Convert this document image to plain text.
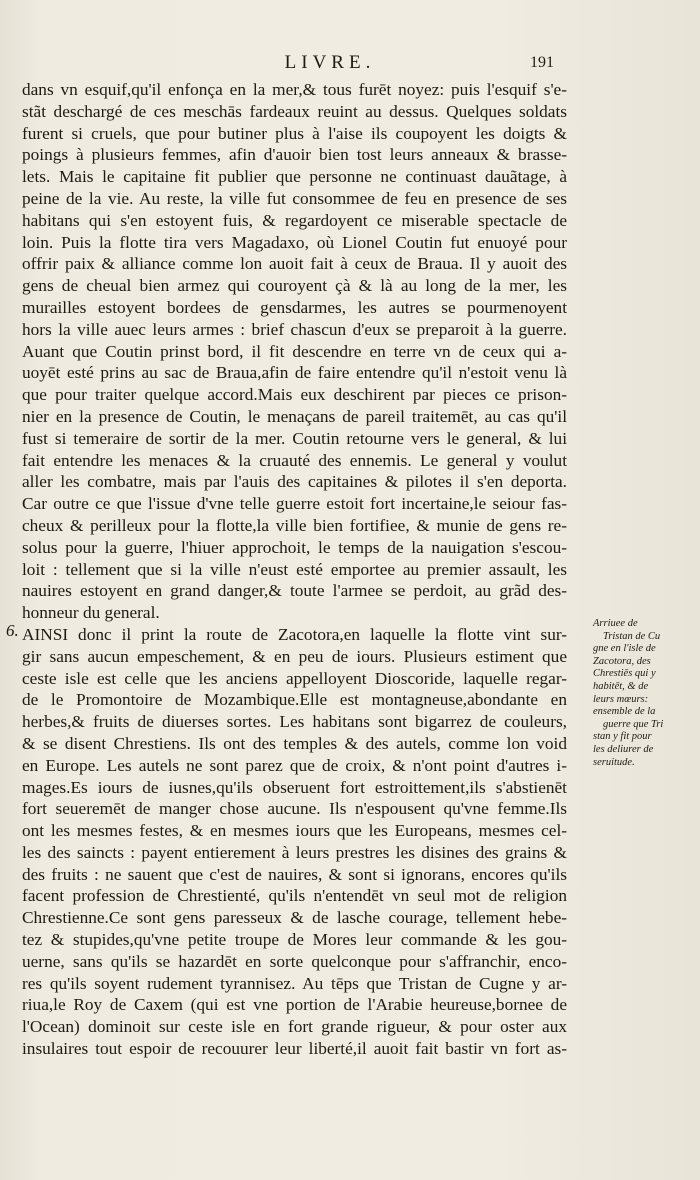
LIVRE.	191
6.
dans vn esquif,qu'il enfonça en la mer,& tous furēt noyez: puis l'esquif s'e-
stãt deschargé de ces meschās fardeaux reuint au dessus. Quelques soldats
furent si cruels, que pour butiner plus à l'aise ils coupoyent les doigts &
poings à plusieurs femmes, afin d'auoir bien tost leurs anneaux & brasse-
lets. Mais le capitaine fit publier que personne ne continuast dauãtage, à
peine de la vie. Au reste, la ville fut consommee de feu en presence de ses
habitans qui s'en estoyent fuis, & regardoyent ce miserable spectacle de
loin. Puis la flotte tira vers Magadaxo, où Lionel Coutin fut enuoyé pour
offrir paix & alliance comme lon auoit fait à ceux de Braua. Il y auoit des
gens de cheual bien armez qui couroyent çà & là au long de la mer, les
murailles estoyent bordees de gensdarmes, les autres se pourmenoyent
hors la ville auec leurs armes : brief chascun d'eux se preparoit à la guerre.
Auant que Coutin prinst bord, il fit descendre en terre vn de ceux qui a-
uoyēt esté prins au sac de Braua,afin de faire entendre qu'il n'estoit venu là
que pour traiter quelque accord.Mais eux deschirent par pieces ce prison-
nier en la presence de Coutin, le menaçans de pareil traitemēt, au cas qu'il
fust si temeraire de sortir de la mer. Coutin retourne vers le general, & lui
fait entendre les menaces & la cruauté des ennemis. Le general y voulut
aller les combatre, mais par l'auis des capitaines & pilotes il s'en deporta.
Car outre ce que l'issue d'vne telle guerre estoit fort incertaine,le seiour fas-
cheux & perilleux pour la flotte,la ville bien fortifiee, & munie de gens re-
solus pour la guerre, l'hiuer approchoit, le temps de la nauigation s'escou-
loit : tellement que si la ville n'eust esté emportee au premier assault, les
nauires estoyent en grand danger,& toute l'armee se perdoit, au grãd des-
honneur du general.
AINSI donc il print la route de Zacotora,en laquelle la flotte vint sur-
gir sans aucun empeschement, & en peu de iours. Plusieurs estiment que
ceste isle est celle que les anciens appelloyent Dioscoride, laquelle regar-
de le Promontoire de Mozambique.Elle est montagneuse,abondante en
herbes,& fruits de diuerses sortes. Les habitans sont bigarrez de couleurs,
& se disent Chrestiens. Ils ont des temples & des autels, comme lon void
en Europe. Les autels ne sont parez que de croix, & n'ont point d'autres i-
mages.Es iours de iusnes,qu'ils obseruent fort estroittement,ils s'abstienēt
fort seueremēt de manger chose aucune. Ils n'espousent qu'vne femme.Ils
ont les mesmes festes, & en mesmes iours que les Europeans, mesmes cel-
les des saincts : payent entierement à leurs prestres les disines des grains &
des fruits : ne sauent que c'est de nauires, & sont si ignorans, encores qu'ils
facent profession de Chrestienté, qu'ils n'entendēt vn seul mot de religion
Chrestienne.Ce sont gens paresseux & de lasche courage, tellement hebe-
tez & stupides,qu'vne petite troupe de Mores leur commande & les gou-
uerne, sans qu'ils se hazardēt en sorte quelconque pour s'affranchir, enco-
res qu'ils soyent rudement tyrannisez. Au tēps que Tristan de Cugne y ar-
riua,le Roy de Caxem (qui est vne portion de l'Arabie heureuse,bornee de
l'Ocean) dominoit sur ceste isle en fort grande rigueur, & pour oster aux
insulaires tout espoir de recouurer leur liberté,il auoit fait bastir vn fort as-
Arriuee de
Tristan de Cu
gne en l'isle de
Zacotora, des
Chrestiēs qui y
habitēt, & de
leurs mœurs:
ensemble de la
guerre que Tri
stan y fit pour
les deliurer de
seruitude.
